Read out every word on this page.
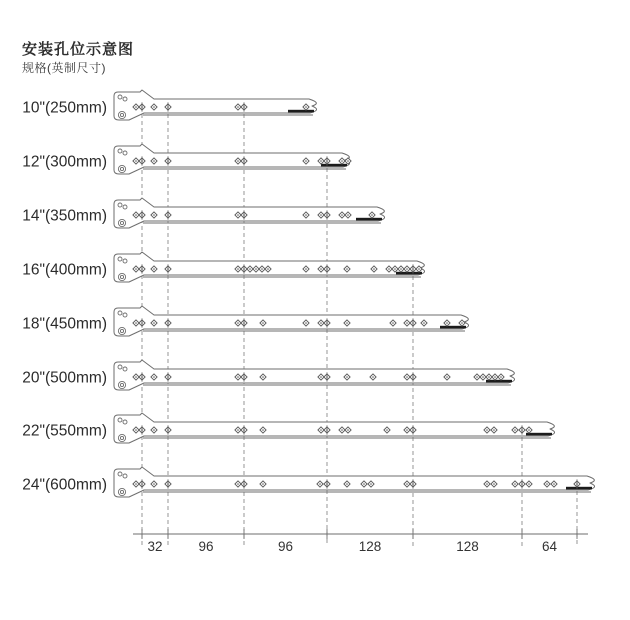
安装孔位示意图
规格(英制尺寸)
10"(250mm)
12"(300mm)
14"(350mm)
16"(400mm)
18"(450mm)
20"(500mm)
22"(550mm)
24"(600mm)
32	96	96	128	128	64
